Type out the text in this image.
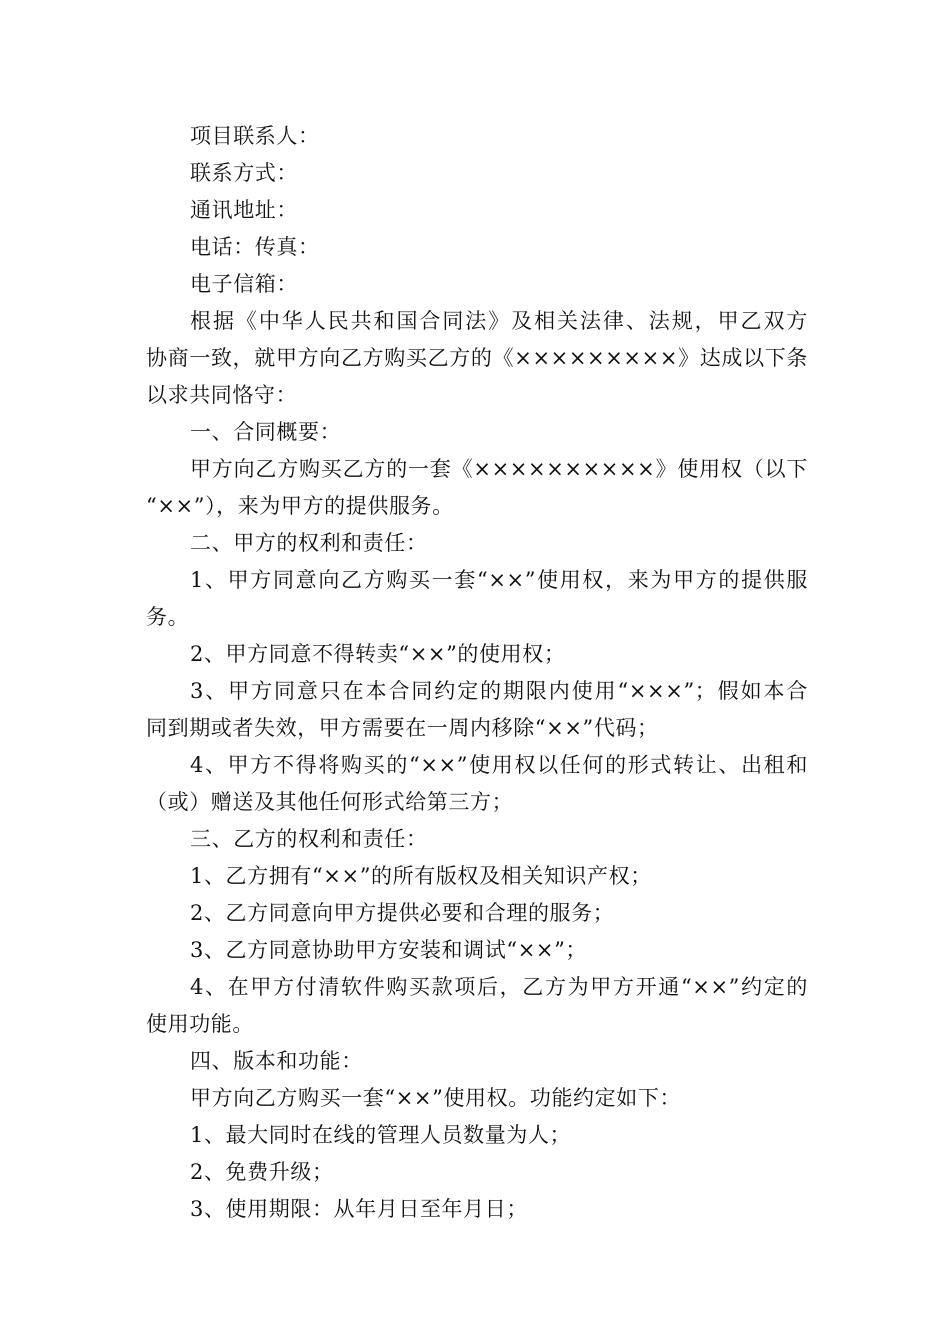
项目联系人：
联系方式：
通讯地址：
电话：传真：
电子信箱：
根据《中华人民共和国合同法》及相关法律、法规，甲乙双方
协商一致，就甲方向乙方购买乙方的《×××××××××》达成以下条
以求共同恪守：
一、合同概要：
甲方向乙方购买乙方的一套《××××××××××》使用权（以下
“××”），来为甲方的提供服务。
二、甲方的权利和责任：
1、甲方同意向乙方购买一套“××”使用权，来为甲方的提供服
务。
2、甲方同意不得转卖“××”的使用权；
3、甲方同意只在本合同约定的期限内使用“×××”；假如本合
同到期或者失效，甲方需要在一周内移除“××”代码；
4、甲方不得将购买的“××”使用权以任何的形式转让、出租和
（或）赠送及其他任何形式给第三方；
三、乙方的权利和责任：
1、乙方拥有“××”的所有版权及相关知识产权；
2、乙方同意向甲方提供必要和合理的服务；
3、乙方同意协助甲方安装和调试“××”；
4、在甲方付清软件购买款项后，乙方为甲方开通“××”约定的
使用功能。
四、版本和功能：
甲方向乙方购买一套“××”使用权。功能约定如下：
1、最大同时在线的管理人员数量为人；
2、免费升级；
3、使用期限：从年月日至年月日；
